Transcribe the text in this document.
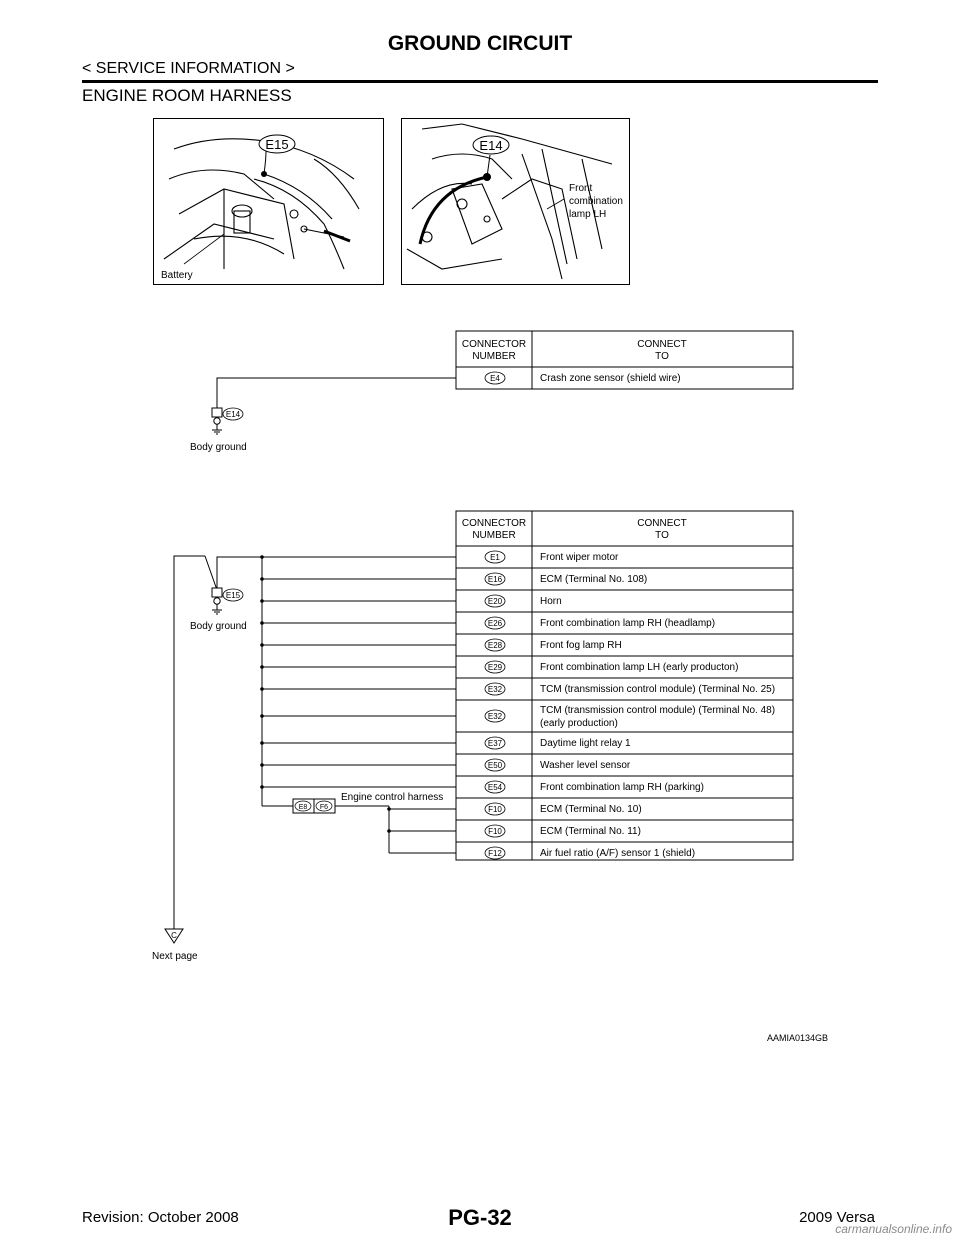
GROUND CIRCUIT
< SERVICE INFORMATION >
ENGINE ROOM HARNESS
E15
Battery
E14
Front combination lamp LH
CONNECTOR
NUMBER
CONNECT
TO
E4	Crash zone sensor (shield wire)
E14
Body ground
CONNECTOR
NUMBER
CONNECT
TO
E1	Front wiper motor
E16	ECM (Terminal No. 108)
E20	Horn
E26	Front combination lamp RH (headlamp)
E28	Front fog lamp RH
E29	Front combination lamp LH (early producton)
E32	TCM (transmission control module) (Terminal No. 25)
E32
TCM (transmission control module) (Terminal No. 48)
(early production)
E37	Daytime light relay 1
E50	Washer level sensor
E54	Front combination lamp RH (parking)
F10	ECM (Terminal No. 10)
F10	ECM (Terminal No. 11)
F12	Air fuel ratio (A/F) sensor 1 (shield)
E15
Body ground
E8 F6
Engine control harness
C
Next page
AAMIA0134GB
PG-32
Revision: October 2008	2009 Versa
carmanualsonline.info
